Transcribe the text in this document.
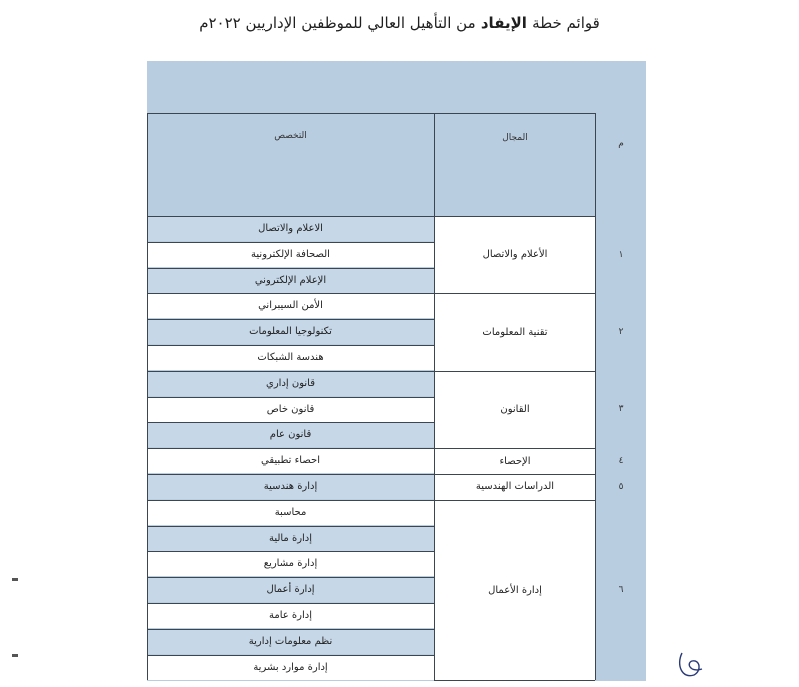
قوائم خطة الإيفاد من التأهيل العالي للموظفين الإداريين ٢٠٢٢م
التخصص	المجال
م
الاعلام والاتصال
الصحافة الإلكترونية
الإعلام الإلكتروني
الأمن السيبراني
تكنولوجيا المعلومات
هندسة الشبكات
قانون إداري
قانون خاص
قانون عام
احصاء تطبيقي
إدارة هندسية
محاسبة
إدارة مالية
إدارة مشاريع
إدارة أعمال
إدارة عامة
نظم معلومات إدارية
إدارة موارد بشرية
الأعلام والاتصال
تقنية المعلومات
القانون
الإحصاء
الدراسات الهندسية
إدارة الأعمال
١
٢
٣
٤
٥
٦
